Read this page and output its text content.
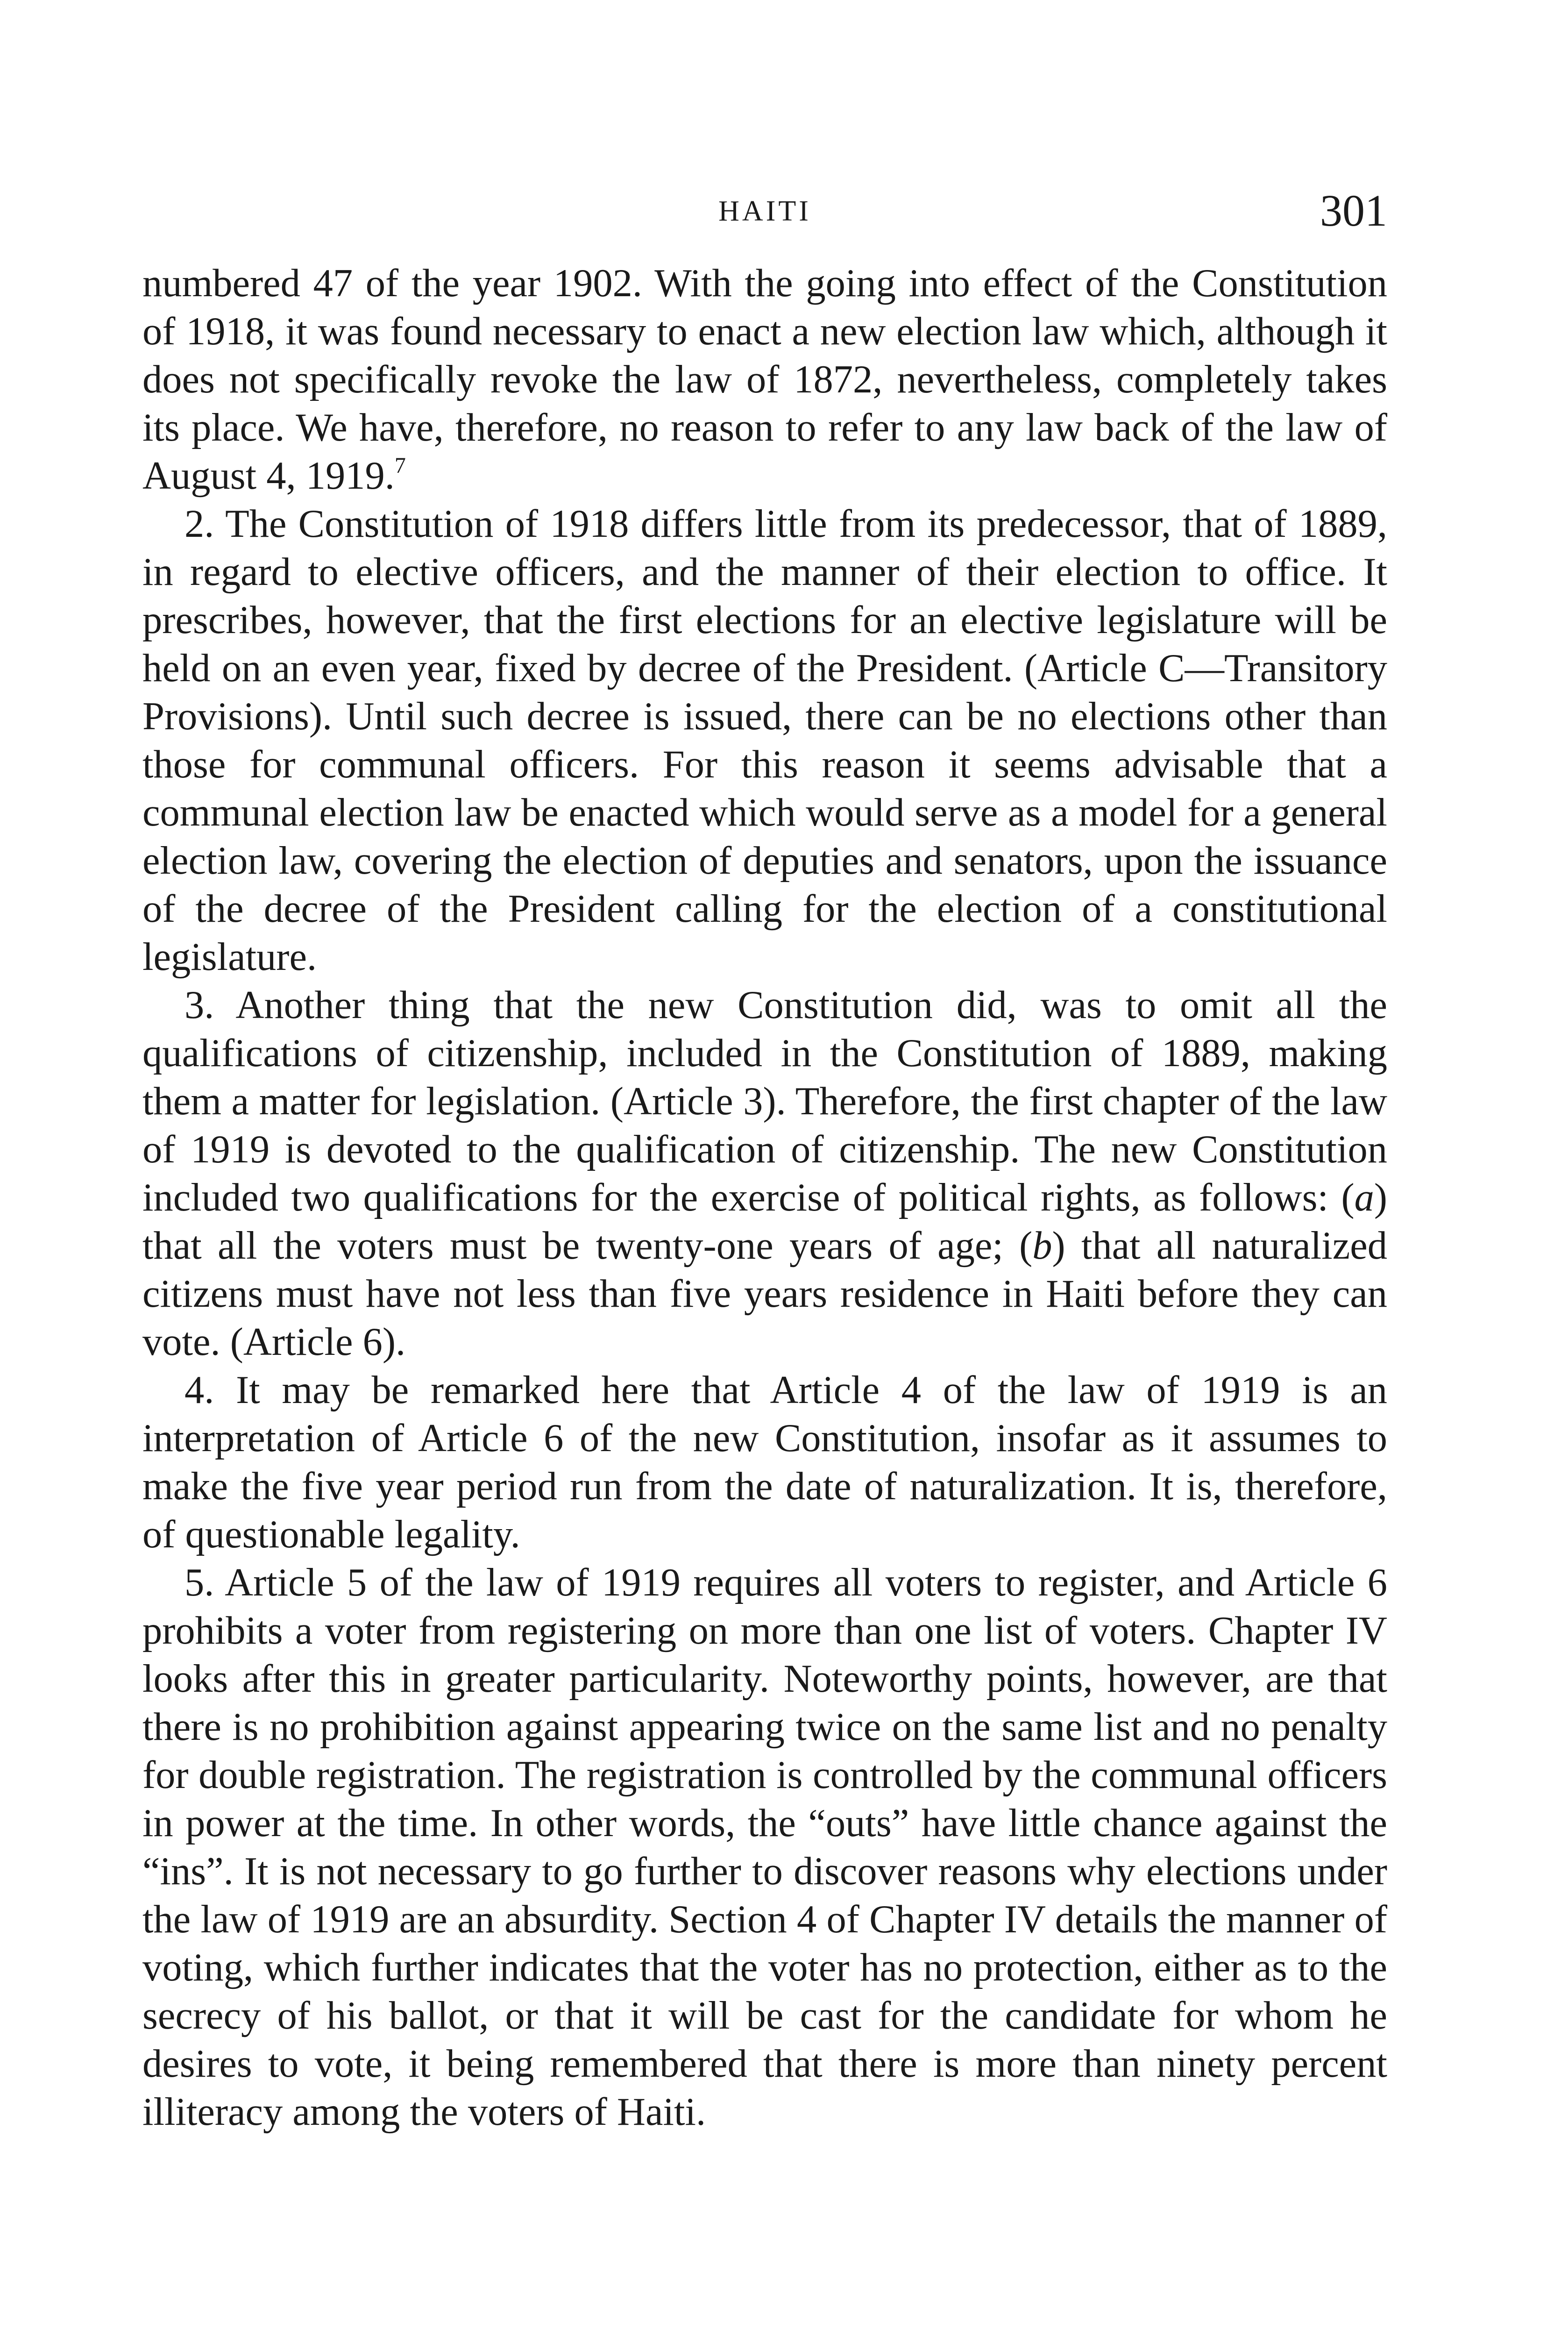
HAITI	301

numbered 47 of the year 1902. With the going into effect of the Constitution of 1918, it was found necessary to enact a new election law which, although it does not specifically revoke the law of 1872, nevertheless, completely takes its place. We have, therefore, no reason to refer to any law back of the law of August 4, 1919.$^7$

2. The Constitution of 1918 differs little from its predecessor, that of 1889, in regard to elective officers, and the manner of their election to office. It prescribes, however, that the first elections for an elective legislature will be held on an even year, fixed by decree of the President. (Article C—Transitory Provisions). Until such decree is issued, there can be no elections other than those for communal officers. For this reason it seems advisable that a communal election law be enacted which would serve as a model for a general election law, covering the election of deputies and senators, upon the issuance of the decree of the President calling for the election of a constitutional legislature.

3. Another thing that the new Constitution did, was to omit all the qualifications of citizenship, included in the Constitution of 1889, making them a matter for legislation. (Article 3). Therefore, the first chapter of the law of 1919 is devoted to the qualification of citizenship. The new Constitution included two qualifications for the exercise of political rights, as follows: (a) that all the voters must be twenty-one years of age; (b) that all naturalized citizens must have not less than five years residence in Haiti before they can vote. (Article 6).

4. It may be remarked here that Article 4 of the law of 1919 is an interpretation of Article 6 of the new Constitution, insofar as it assumes to make the five year period run from the date of naturalization. It is, therefore, of questionable legality.

5. Article 5 of the law of 1919 requires all voters to register, and Article 6 prohibits a voter from registering on more than one list of voters. Chapter IV looks after this in greater particularity. Noteworthy points, however, are that there is no prohibition against appearing twice on the same list and no penalty for double registration. The registration is controlled by the communal officers in power at the time. In other words, the “outs” have little chance against the “ins”. It is not necessary to go further to discover reasons why elections under the law of 1919 are an absurdity. Section 4 of Chapter IV details the manner of voting, which further indicates that the voter has no protection, either as to the secrecy of his ballot, or that it will be cast for the candidate for whom he desires to vote, it being remembered that there is more than ninety percent illiteracy among the voters of Haiti.
